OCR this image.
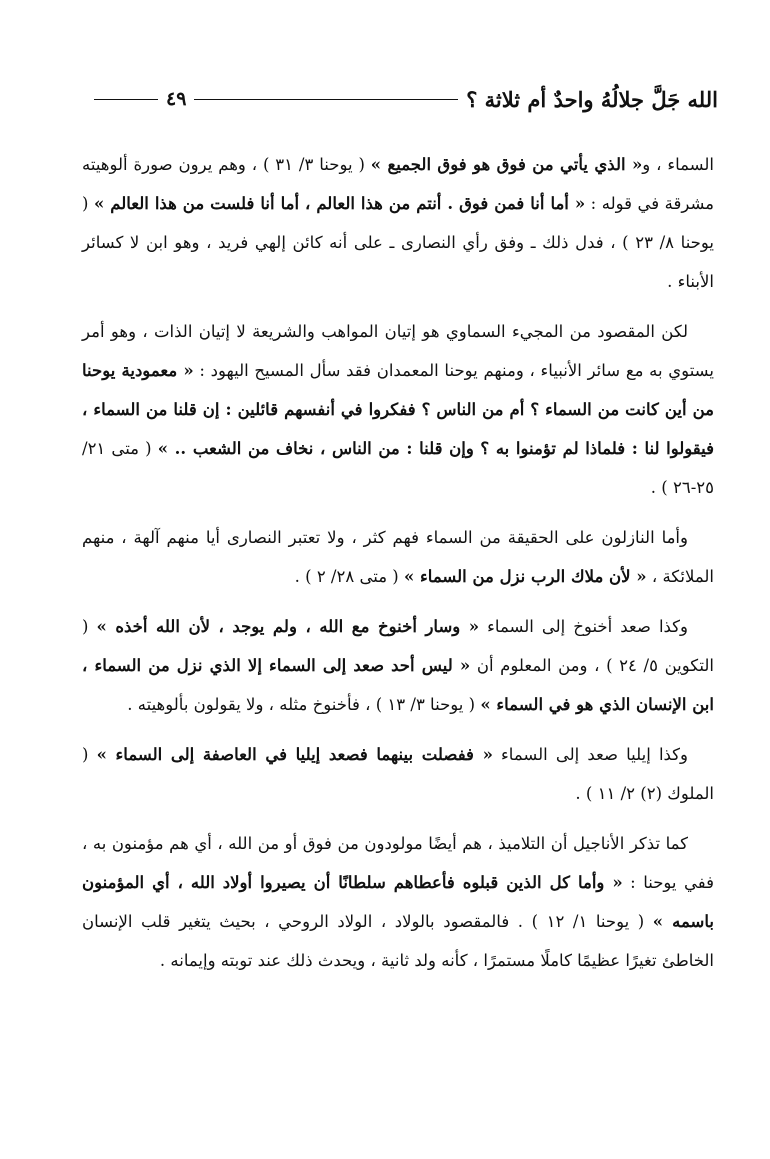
الله جَلَّ جلالُهُ واحدٌ أم ثلاثة ؟
٤٩

السماء ، و« الذي يأتي من فوق هو فوق الجميع » ( يوحنا ٣/ ٣١ ) ، وهم يرون صورة ألوهيته مشرقة في قوله : « أما أنا فمن فوق . أنتم من هذا العالم ، أما أنا فلست من هذا العالم » ( يوحنا ٨/ ٢٣ ) ، فدل ذلك ـ وفق رأي النصارى ـ على أنه كائن إلهي فريد ، وهو ابن لا كسائر الأبناء .

لكن المقصود من المجيء السماوي هو إتيان المواهب والشريعة لا إتيان الذات ، وهو أمر يستوي به مع سائر الأنبياء ، ومنهم يوحنا المعمدان فقد سأل المسيح اليهود : « معمودية يوحنا من أين كانت من السماء ؟ أم من الناس ؟ ففكروا في أنفسهم قائلين : إن قلنا من السماء ، فيقولوا لنا : فلماذا لم تؤمنوا به ؟ وإن قلنا : من الناس ، نخاف من الشعب .. » ( متى ٢١/ ٢٥-٢٦ ) .

وأما النازلون على الحقيقة من السماء فهم كثر ، ولا تعتبر النصارى أيا منهم آلهة ، منهم الملائكة ، « لأن ملاك الرب نزل من السماء » ( متى ٢٨/ ٢ ) .

وكذا صعد أخنوخ إلى السماء « وسار أخنوخ مع الله ، ولم يوجد ، لأن الله أخذه » ( التكوين ٥/ ٢٤ ) ، ومن المعلوم أن « ليس أحد صعد إلى السماء إلا الذي نزل من السماء ، ابن الإنسان الذي هو في السماء » ( يوحنا ٣/ ١٣ ) ، فأخنوخ مثله ، ولا يقولون بألوهيته .

وكذا إيليا صعد إلى السماء « ففصلت بينهما فصعد إيليا في العاصفة إلى السماء » ( الملوك (٢) ٢/ ١١ ) .

كما تذكر الأناجيل أن التلاميذ ، هم أيضًا مولودون من فوق أو من الله ، أي هم مؤمنون به ، ففي يوحنا : « وأما كل الذين قبلوه فأعطاهم سلطانًا أن يصيروا أولاد الله ، أي المؤمنون باسمه » ( يوحنا ١/ ١٢ ) . فالمقصود بالولاد ، الولاد الروحي ، بحيث يتغير قلب الإنسان الخاطئ تغيرًا عظيمًا كاملًا مستمرًا ، كأنه ولد ثانية ، ويحدث ذلك عند توبته وإيمانه .
